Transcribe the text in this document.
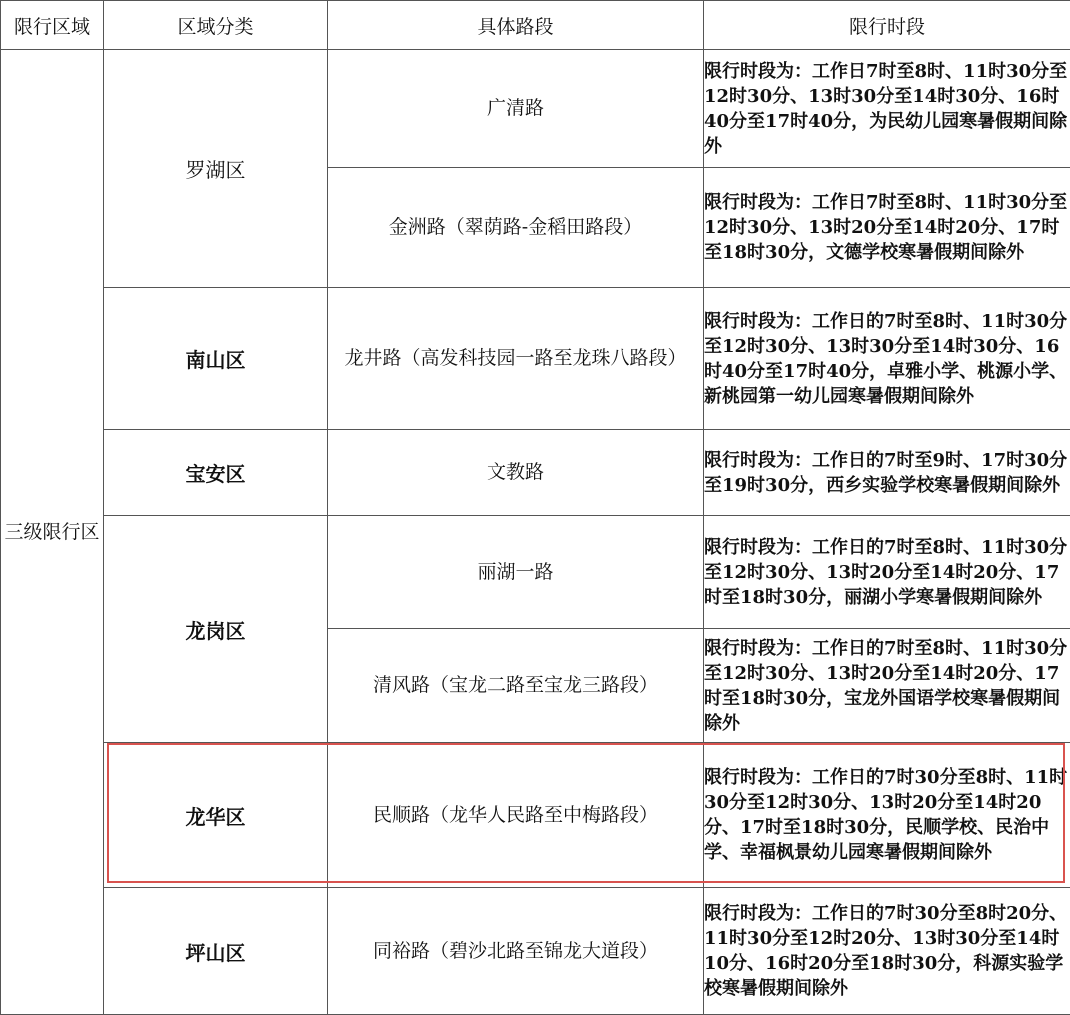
限行区域	区域分类	具体路段	限行时段
三级限行区	罗湖区	广清路	限行时段为：工作日7时至8时、11时30分至12时30分、13时30分至14时30分、16时40分至17时40分，为民幼儿园寒暑假期间除外
		金洲路（翠荫路-金稻田路段）	限行时段为：工作日7时至8时、11时30分至12时30分、13时20分至14时20分、17时至18时30分，文德学校寒暑假期间除外
	南山区	龙井路（高发科技园一路至龙珠八路段）	限行时段为：工作日的7时至8时、11时30分至12时30分、13时30分至14时30分、16时40分至17时40分，卓雅小学、桃源小学、新桃园第一幼儿园寒暑假期间除外
	宝安区	文教路	限行时段为：工作日的7时至9时、17时30分至19时30分，西乡实验学校寒暑假期间除外
	龙岗区	丽湖一路	限行时段为：工作日的7时至8时、11时30分至12时30分、13时20分至14时20分、17时至18时30分，丽湖小学寒暑假期间除外
		清风路（宝龙二路至宝龙三路段）	限行时段为：工作日的7时至8时、11时30分至12时30分、13时20分至14时20分、17时至18时30分，宝龙外国语学校寒暑假期间除外
	龙华区	民顺路（龙华人民路至中梅路段）	限行时段为：工作日的7时30分至8时、11时30分至12时30分、13时20分至14时20分、17时至18时30分，民顺学校、民治中学、幸福枫景幼儿园寒暑假期间除外
	坪山区	同裕路（碧沙北路至锦龙大道段）	限行时段为：工作日的7时30分至8时20分、11时30分至12时20分、13时30分至14时10分、16时20分至18时30分，科源实验学校寒暑假期间除外
